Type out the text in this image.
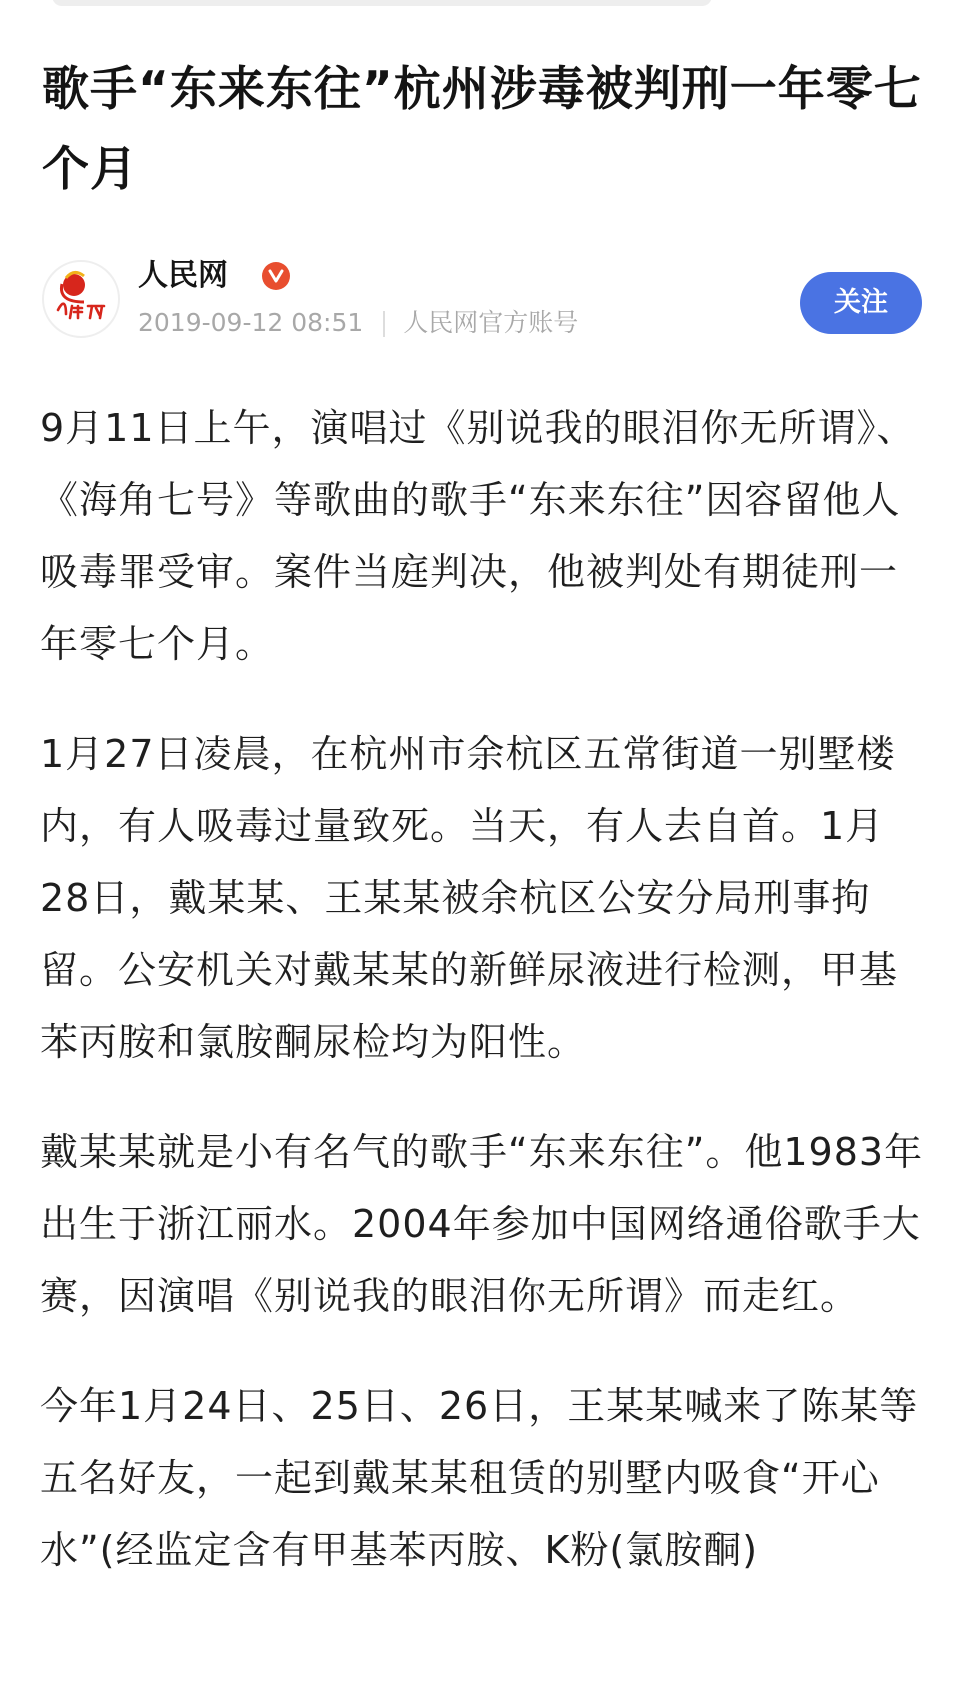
歌手“东来东往”杭州涉毒被判刑一年零七个月
人民网
2019-09-12 08:51 人民网官方账号
关注

9月11日上午，演唱过《别说我的眼泪你无所谓》、《海角七号》等歌曲的歌手“东来东往”因容留他人吸毒罪受审。案件当庭判决，他被判处有期徒刑一年零七个月。

1月27日凌晨，在杭州市余杭区五常街道一别墅楼内，有人吸毒过量致死。当天，有人去自首。1月28日，戴某某、王某某被余杭区公安分局刑事拘留。公安机关对戴某某的新鲜尿液进行检测，甲基苯丙胺和氯胺酮尿检均为阳性。

戴某某就是小有名气的歌手“东来东往”。他1983年出生于浙江丽水。2004年参加中国网络通俗歌手大赛，因演唱《别说我的眼泪你无所谓》而走红。

今年1月24日、25日、26日，王某某喊来了陈某等五名好友，一起到戴某某租赁的别墅内吸食“开心水”(经监定含有甲基苯丙胺、K粉(氯胺酮)
